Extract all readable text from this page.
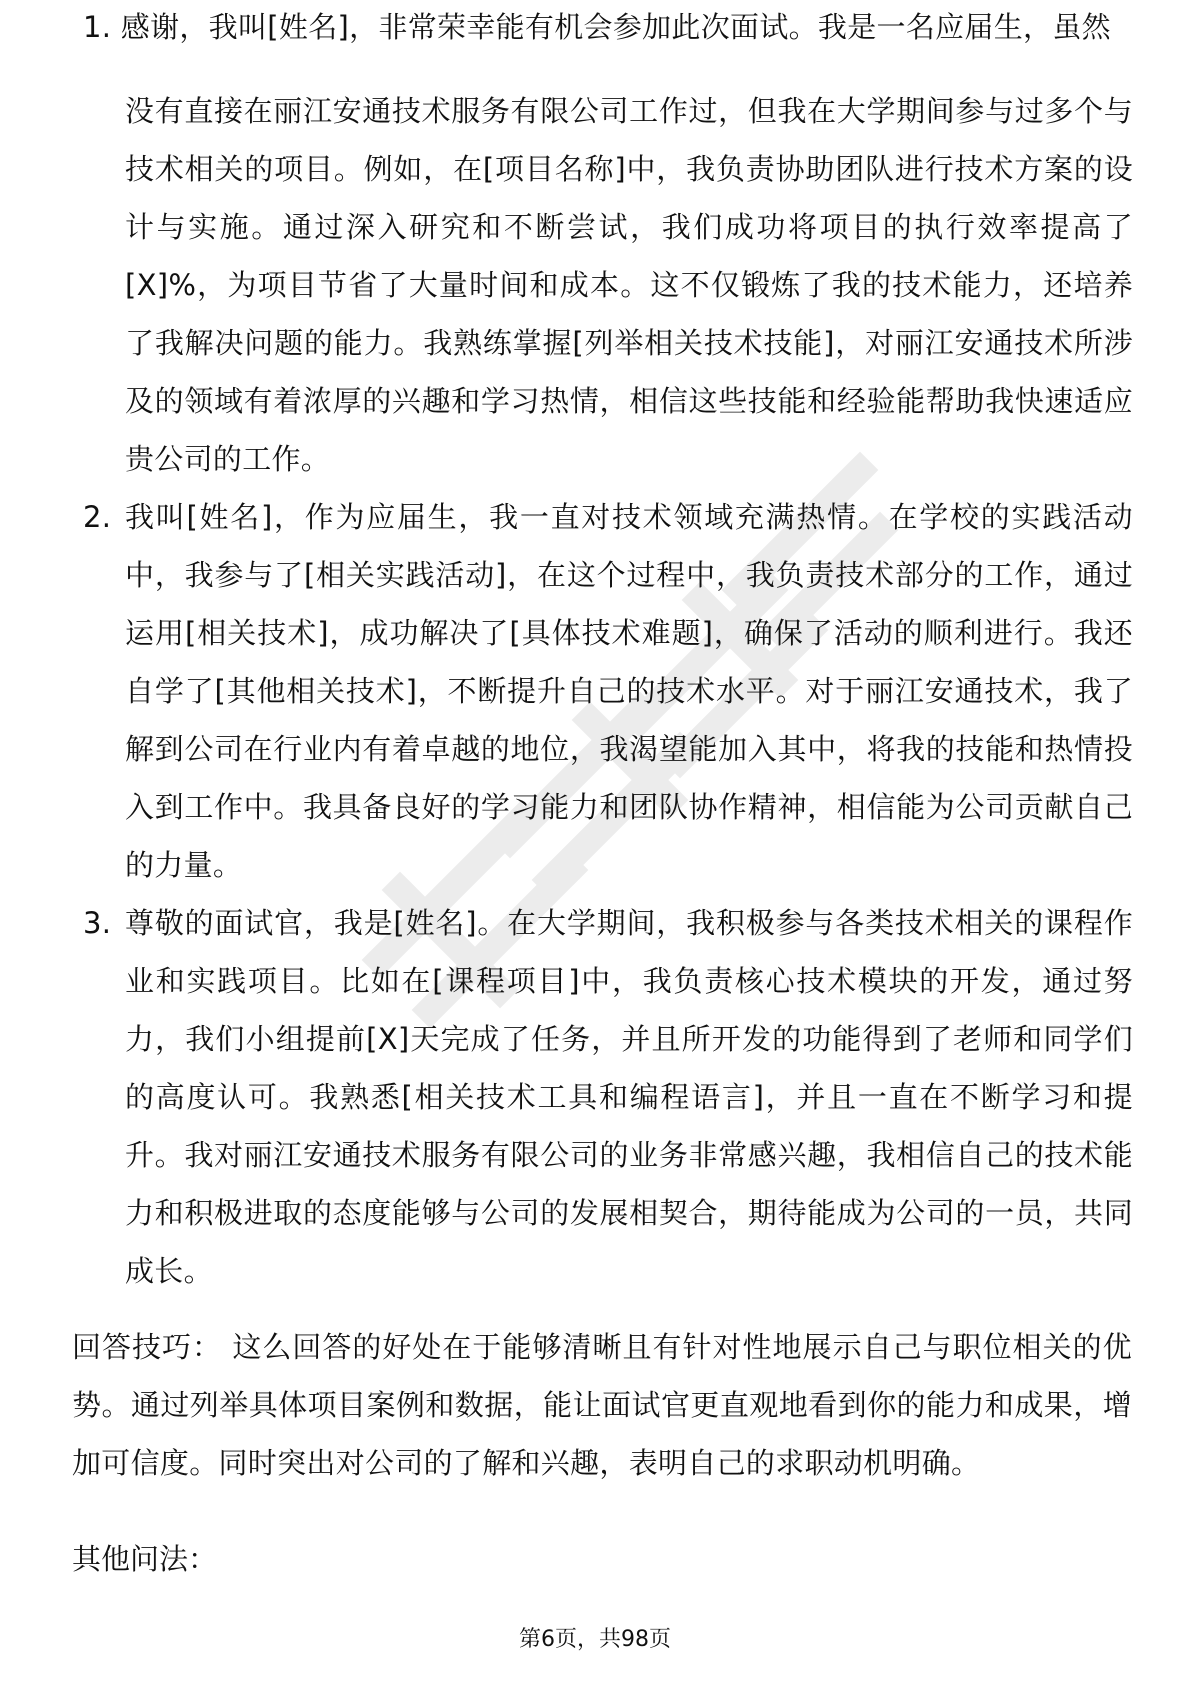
1. 感谢，我叫[姓名]，非常荣幸能有机会参加此次面试。我是一名应届生，虽然
没有直接在丽江安通技术服务有限公司工作过，但我在大学期间参与过多个与技术相关的项目。例如，在[项目名称]中，我负责协助团队进行技术方案的设计与实施。通过深入研究和不断尝试，我们成功将项目的执行效率提高了[X]%，为项目节省了大量时间和成本。这不仅锻炼了我的技术能力，还培养了我解决问题的能力。我熟练掌握[列举相关技术技能]，对丽江安通技术所涉及的领域有着浓厚的兴趣和学习热情，相信这些技能和经验能帮助我快速适应贵公司的工作。
2. 我叫[姓名]，作为应届生，我一直对技术领域充满热情。在学校的实践活动中，我参与了[相关实践活动]，在这个过程中，我负责技术部分的工作，通过运用[相关技术]，成功解决了[具体技术难题]，确保了活动的顺利进行。我还自学了[其他相关技术]，不断提升自己的技术水平。对于丽江安通技术，我了解到公司在行业内有着卓越的地位，我渴望能加入其中，将我的技能和热情投入到工作中。我具备良好的学习能力和团队协作精神，相信能为公司贡献自己的力量。
3. 尊敬的面试官，我是[姓名]。在大学期间，我积极参与各类技术相关的课程作业和实践项目。比如在[课程项目]中，我负责核心技术模块的开发，通过努力，我们小组提前[X]天完成了任务，并且所开发的功能得到了老师和同学们的高度认可。我熟悉[相关技术工具和编程语言]，并且一直在不断学习和提升。我对丽江安通技术服务有限公司的业务非常感兴趣，我相信自己的技术能力和积极进取的态度能够与公司的发展相契合，期待能成为公司的一员，共同成长。
回答技巧： 这么回答的好处在于能够清晰且有针对性地展示自己与职位相关的优势。通过列举具体项目案例和数据，能让面试官更直观地看到你的能力和成果，增加可信度。同时突出对公司的了解和兴趣，表明自己的求职动机明确。
其他问法：
第6页，共98页
